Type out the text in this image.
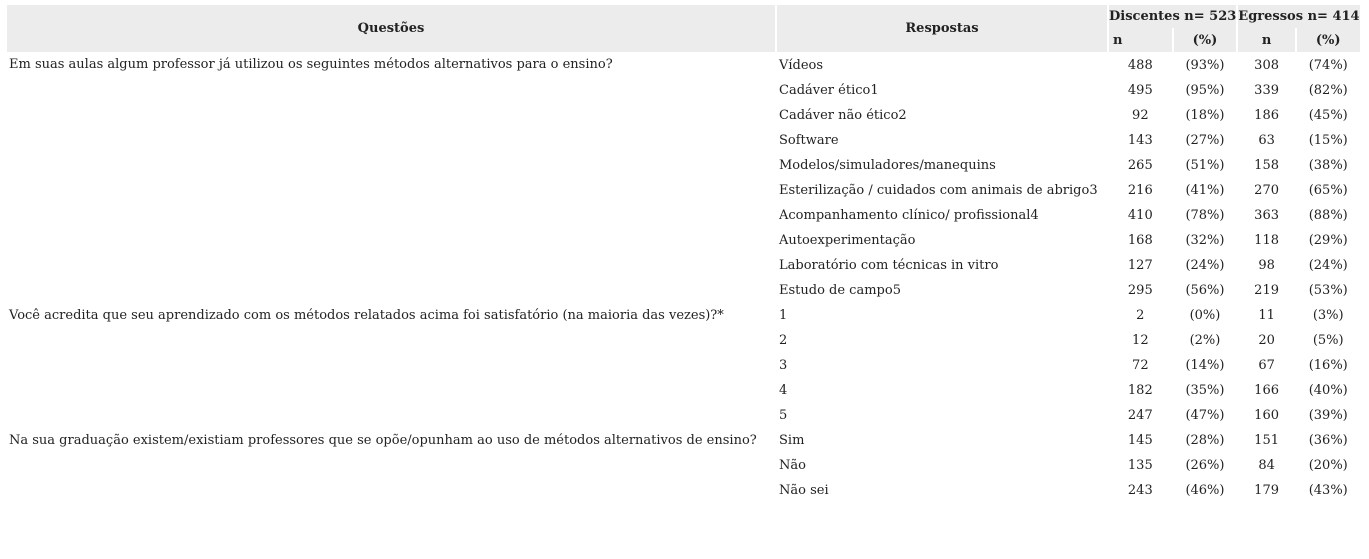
Questões	Respostas	Discentes n= 523		Egressos n= 414	
		n	(%)	n	(%)
Em suas aulas algum professor já utilizou os seguintes métodos alternativos para o ensino?	Vídeos	488	(93%)	308	(74%)
	Cadáver ético1	495	(95%)	339	(82%)
	Cadáver não ético2	92	(18%)	186	(45%)
	Software	143	(27%)	63	(15%)
	Modelos/simuladores/manequins	265	(51%)	158	(38%)
	Esterilização / cuidados com animais de abrigo3	216	(41%)	270	(65%)
	Acompanhamento clínico/ profissional4	410	(78%)	363	(88%)
	Autoexperimentação	168	(32%)	118	(29%)
	Laboratório com técnicas in vitro	127	(24%)	98	(24%)
	Estudo de campo5	295	(56%)	219	(53%)
Você acredita que seu aprendizado com os métodos relatados acima foi satisfatório (na maioria das vezes)?*	1	2	(0%)	11	(3%)
	2	12	(2%)	20	(5%)
	3	72	(14%)	67	(16%)
	4	182	(35%)	166	(40%)
	5	247	(47%)	160	(39%)
Na sua graduação existem/existiam professores que se opõe/opunham ao uso de métodos alternativos de ensino?	Sim	145	(28%)	151	(36%)
	Não	135	(26%)	84	(20%)
	Não sei	243	(46%)	179	(43%)
